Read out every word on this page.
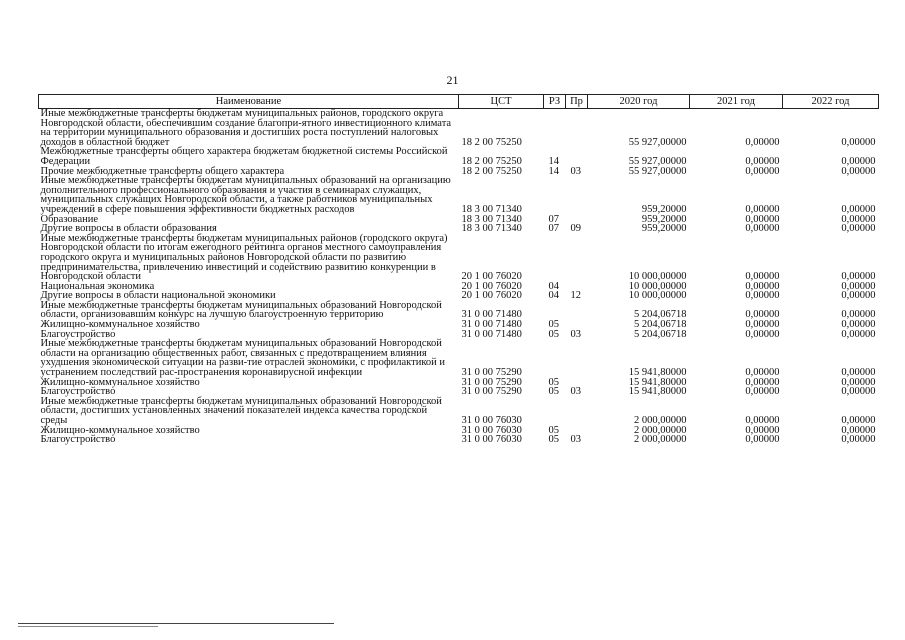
21
Наименование	ЦСТ	РЗ	Пр	2020 год	2021 год	2022 год
Иные межбюджетные трансферты бюджетам муниципальных районов, городского округа Новгородской области, обеспечившим создание благопри-ятного инвестиционного климата на территории муниципального образования и достигших роста поступлений налоговых доходов в областной бюджет	18 2 00 75250			55 927,00000	0,00000	0,00000
Межбюджетные трансферты общего характера бюджетам бюджетной системы Российской Федерации	18 2 00 75250	14		55 927,00000	0,00000	0,00000
Прочие межбюджетные трансферты общего характера	18 2 00 75250	14	03	55 927,00000	0,00000	0,00000
Иные межбюджетные трансферты бюджетам муниципальных образований на организацию дополнительного профессионального образования и участия в семинарах служащих, муниципальных служащих Новгородской области, а также работников муниципальных учреждений в сфере повышения эффективности бюджетных расходов	18 3 00 71340			959,20000	0,00000	0,00000
Образование	18 3 00 71340	07		959,20000	0,00000	0,00000
Другие вопросы в области образования	18 3 00 71340	07	09	959,20000	0,00000	0,00000
Иные межбюджетные трансферты бюджетам муниципальных районов (городского округа) Новгородской области по итогам ежегодного рейтинга органов местного самоуправления городского округа и муниципальных районов Новгородской области по развитию предпринимательства, привлечению инвестиций и содействию развитию конкуренции в Новгородской области	20 1 00 76020			10 000,00000	0,00000	0,00000
Национальная экономика	20 1 00 76020	04		10 000,00000	0,00000	0,00000
Другие вопросы в области национальной экономики	20 1 00 76020	04	12	10 000,00000	0,00000	0,00000
Иные межбюджетные трансферты бюджетам муниципальных образований Новгородской области, организовавшим конкурс на лучшую благоустроенную территорию	31 0 00 71480			5 204,06718	0,00000	0,00000
Жилищно-коммунальное хозяйство	31 0 00 71480	05		5 204,06718	0,00000	0,00000
Благоустройство	31 0 00 71480	05	03	5 204,06718	0,00000	0,00000
Иные межбюджетные трансферты бюджетам муниципальных образований Новгородской области на организацию общественных работ, связанных с предотвращением влияния ухудшения экономической ситуации на разви-тие отраслей экономики, с профилактикой и устранением последствий рас-пространения коронавирусной инфекции	31 0 00 75290			15 941,80000	0,00000	0,00000
Жилищно-коммунальное хозяйство	31 0 00 75290	05		15 941,80000	0,00000	0,00000
Благоустройство	31 0 00 75290	05	03	15 941,80000	0,00000	0,00000
Иные межбюджетные трансферты бюджетам муниципальных образований Новгородской области, достигших установленных значений показателей индекса качества городской среды	31 0 00 76030			2 000,00000	0,00000	0,00000
Жилищно-коммунальное хозяйство	31 0 00 76030	05		2 000,00000	0,00000	0,00000
Благоустройство	31 0 00 76030	05	03	2 000,00000	0,00000	0,00000
